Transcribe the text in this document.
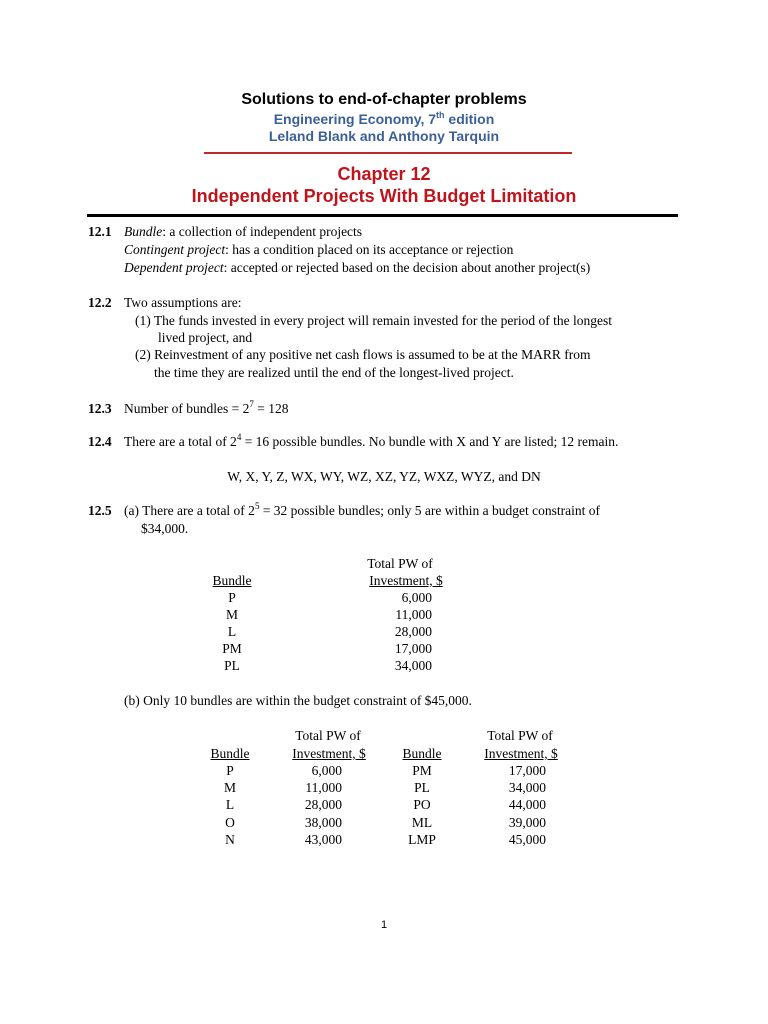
Solutions to end-of-chapter problems
Engineering Economy, 7th edition
Leland Blank and Anthony Tarquin
Chapter 12
Independent Projects With Budget Limitation
12.1 Bundle: a collection of independent projects
Contingent project: has a condition placed on its acceptance or rejection
Dependent project: accepted or rejected based on the decision about another project(s)
12.2 Two assumptions are:
(1) The funds invested in every project will remain invested for the period of the longest
lived project, and
(2) Reinvestment of any positive net cash flows is assumed to be at the MARR from
the time they are realized until the end of the longest-lived project.
12.3 Number of bundles = $2^7 = 128$
12.4 There are a total of $2^4 = 16$ possible bundles. No bundle with X and Y are listed; 12 remain.
W, X, Y, Z, WX, WY, WZ, XZ, YZ, WXZ, WYZ, and DN
12.5 (a) There are a total of $2^5 = 32$ possible bundles; only 5 are within a budget constraint of
$34,000.
Total PW of
Bundle	Investment, $
P	6,000
M	11,000
L	28,000
PM	17,000
PL	34,000
(b) Only 10 bundles are within the budget constraint of $45,000.
Total PW of	Total PW of
Bundle	Investment, $	Bundle	Investment, $
P	6,000	PM	17,000
M	11,000	PL	34,000
L	28,000	PO	44,000
O	38,000	ML	39,000
N	43,000	LMP	45,000
1
